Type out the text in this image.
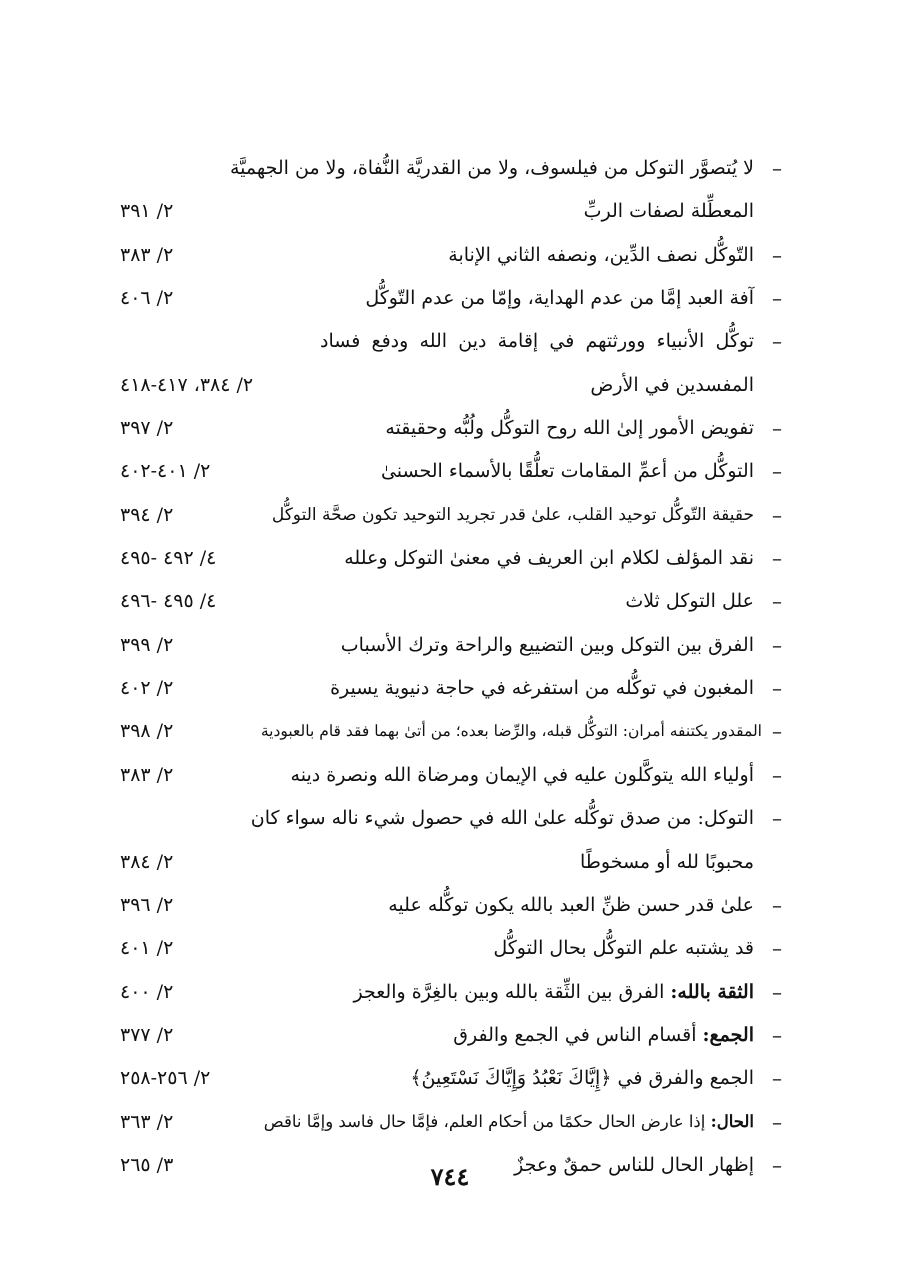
–
لا يُتصوَّر التوكل من فيلسوف، ولا من القدريَّة النُّفاة، ولا من الجهميَّة
المعطِّلة لصفات الربِّ
٢/ ٣٩١
–
التّوكُّل نصف الدِّين، ونصفه الثاني الإنابة
٢/ ٣٨٣
–
آفة العبد إمَّا من عدم الهداية، وإمّا من عدم التّوكُّل
٢/ ٤٠٦
–
توكُّل الأنبياء وورثتهم في إقامة دين الله ودفع فساد
المفسدين في الأرض
٢/ ٣٨٤، ٤١٧-٤١٨
–
تفويض الأمور إلىٰ الله روح التوكُّل ولُبُّه وحقيقته
٢/ ٣٩٧
–
التوكُّل من أعمِّ المقامات تعلُّقًا بالأسماء الحسنىٰ
٢/ ٤٠١-٤٠٢
–
حقيقة التّوكُّل توحيد القلب، علىٰ قدر تجريد التوحيد تكون صحَّة التوكُّل
٢/ ٣٩٤
–
نقد المؤلف لكلام ابن العريف في معنىٰ التوكل وعلله
٤/ ٤٩٢ -٤٩٥
–
علل التوكل ثلاث
٤/ ٤٩٥ -٤٩٦
–
الفرق بين التوكل وبين التضييع والراحة وترك الأسباب
٢/ ٣٩٩
–
المغبون في توكُّله من استفرغه في حاجة دنيوية يسيرة
٢/ ٤٠٢
–
المقدور يكتنفه أمران: التوكُّل قبله، والرِّضا بعده؛ من أتىٰ بهما فقد قام بالعبودية
٢/ ٣٩٨
–
أولياء الله يتوكَّلون عليه في الإيمان ومرضاة الله ونصرة دينه
٢/ ٣٨٣
–
التوكل: من صدق توكُّله علىٰ الله في حصول شيء ناله سواء كان
محبوبًا لله أو مسخوطًا
٢/ ٣٨٤
–
علىٰ قدر حسن ظنِّ العبد بالله يكون توكُّله عليه
٢/ ٣٩٦
–
قد يشتبه علم التوكُّل بحال التوكُّل
٢/ ٤٠١
–
الثقة بالله: الفرق بين الثِّقة بالله وبين بالغِرَّة والعجز
٢/ ٤٠٠
–
الجمع: أقسام الناس في الجمع والفرق
٢/ ٣٧٧
–
الجمع والفرق في ﴿إِيَّاكَ نَعْبُدُ وَإِيَّاكَ نَسْتَعِينُ﴾
٢/ ٢٥٦-٢٥٨
–
الحال: إذا عارض الحال حكمًا من أحكام العلم، فإمَّا حال فاسد وإمَّا ناقص
٢/ ٣٦٣
–
إظهار الحال للناس حمقٌ وعجزٌ
٣/ ٢٦٥	٧٤٤
